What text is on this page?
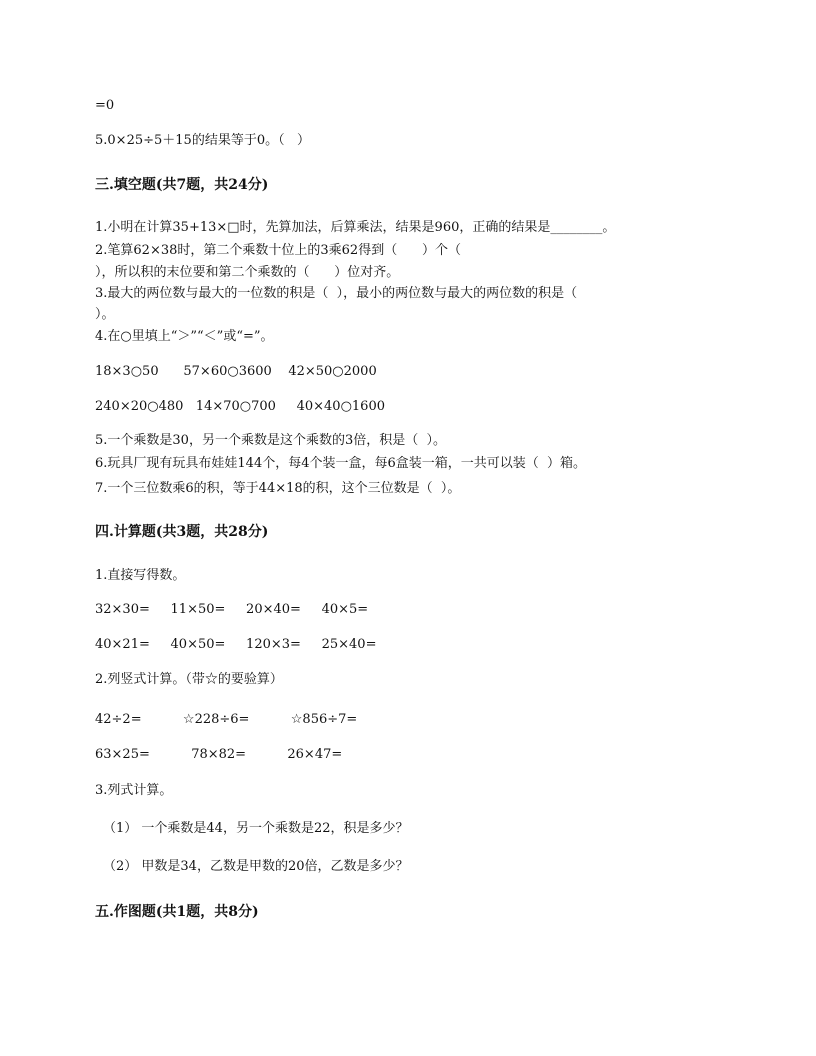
=0
5.0×25÷5＋15的结果等于0。（   ）
三.填空题(共7题，共24分)
1.小明在计算35+13×□时，先算加法，后算乘法，结果是960，正确的结果是________。
2.笔算62×38时，第二个乘数十位上的3乘62得到（      ）个（
），所以积的末位要和第二个乘数的（      ）位对齐。
3.最大的两位数与最大的一位数的积是（  ），最小的两位数与最大的两位数的积是（
）。
4.在○里填上“＞”“＜”或“=”。
18×3○50      57×60○3600    42×50○2000
240×20○480   14×70○700     40×40○1600
5.一个乘数是30，另一个乘数是这个乘数的3倍，积是（  ）。
6.玩具厂现有玩具布娃娃144个，每4个装一盒，每6盒装一箱，一共可以装（  ）箱。
7.一个三位数乘6的积，等于44×18的积，这个三位数是（  ）。
四.计算题(共3题，共28分)
1.直接写得数。
32×30=     11×50=     20×40=     40×5=
40×21=     40×50=     120×3=     25×40=
2.列竖式计算。（带☆的要验算）
42÷2=          ☆228÷6=          ☆856÷7=
63×25=          78×82=          26×47=
3.列式计算。
（1） 一个乘数是44，另一个乘数是22，积是多少？
（2） 甲数是34，乙数是甲数的20倍，乙数是多少？
五.作图题(共1题，共8分)
